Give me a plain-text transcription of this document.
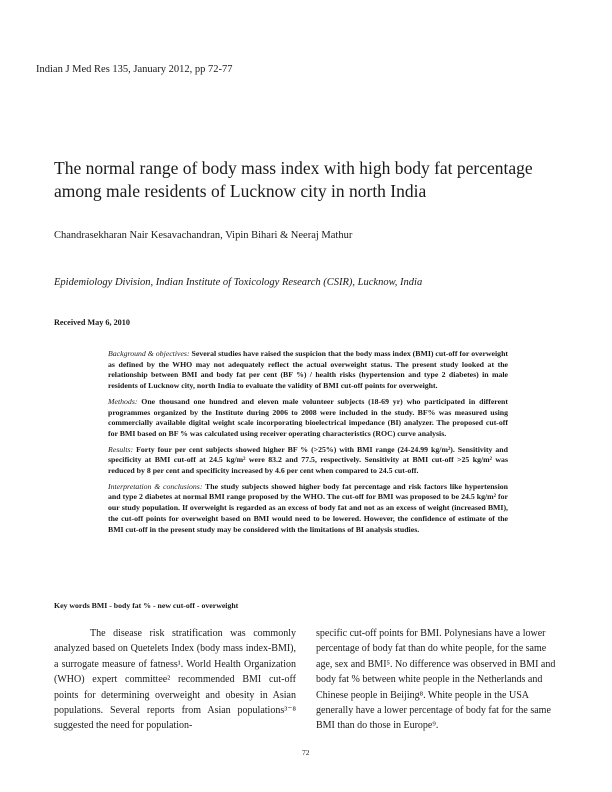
Indian J Med Res 135, January 2012, pp 72-77
The normal range of body mass index with high body fat percentage among male residents of Lucknow city in north India
Chandrasekharan Nair Kesavachandran, Vipin Bihari & Neeraj Mathur
Epidemiology Division, Indian Institute of Toxicology Research (CSIR), Lucknow, India
Received May 6, 2010

Background & objectives: Several studies have raised the suspicion that the body mass index (BMI) cut-off for overweight as defined by the WHO may not adequately reflect the actual overweight status. The present study looked at the relationship between BMI and body fat per cent (BF %) / health risks (hypertension and type 2 diabetes) in male residents of Lucknow city, north India to evaluate the validity of BMI cut-off points for overweight.

Methods: One thousand one hundred and eleven male volunteer subjects (18-69 yr) who participated in different programmes organized by the Institute during 2006 to 2008 were included in the study. BF% was measured using commercially available digital weight scale incorporating bioelectrical impedance (BI) analyzer. The proposed cut-off for BMI based on BF % was calculated using receiver operating characteristics (ROC) curve analysis.

Results: Forty four per cent subjects showed higher BF % (>25%) with BMI range (24-24.99 kg/m²). Sensitivity and specificity at BMI cut-off at 24.5 kg/m² were 83.2 and 77.5, respectively. Sensitivity at BMI cut-off >25 kg/m² was reduced by 8 per cent and specificity increased by 4.6 per cent when compared to 24.5 cut-off.

Interpretation & conclusions: The study subjects showed higher body fat percentage and risk factors like hypertension and type 2 diabetes at normal BMI range proposed by the WHO. The cut-off for BMI was proposed to be 24.5 kg/m² for our study population. If overweight is regarded as an excess of body fat and not as an excess of weight (increased BMI), the cut-off points for overweight based on BMI would need to be lowered. However, the confidence of estimate of the BMI cut-off in the present study may be considered with the limitations of BI analysis studies.

Key words BMI - body fat % - new cut-off - overweight

The disease risk stratification was commonly analyzed based on Quetelets Index (body mass index-BMI), a surrogate measure of fatness¹. World Health Organization (WHO) expert committee² recommended BMI cut-off points for determining overweight and obesity in Asian populations. Several reports from Asian populations³⁻⁸ suggested the need for population-

specific cut-off points for BMI. Polynesians have a lower percentage of body fat than do white people, for the same age, sex and BMI⁵. No difference was observed in BMI and body fat % between white people in the Netherlands and Chinese people in Beijing⁸. White people in the USA generally have a lower percentage of body fat for the same BMI than do those in Europe⁹.

72
